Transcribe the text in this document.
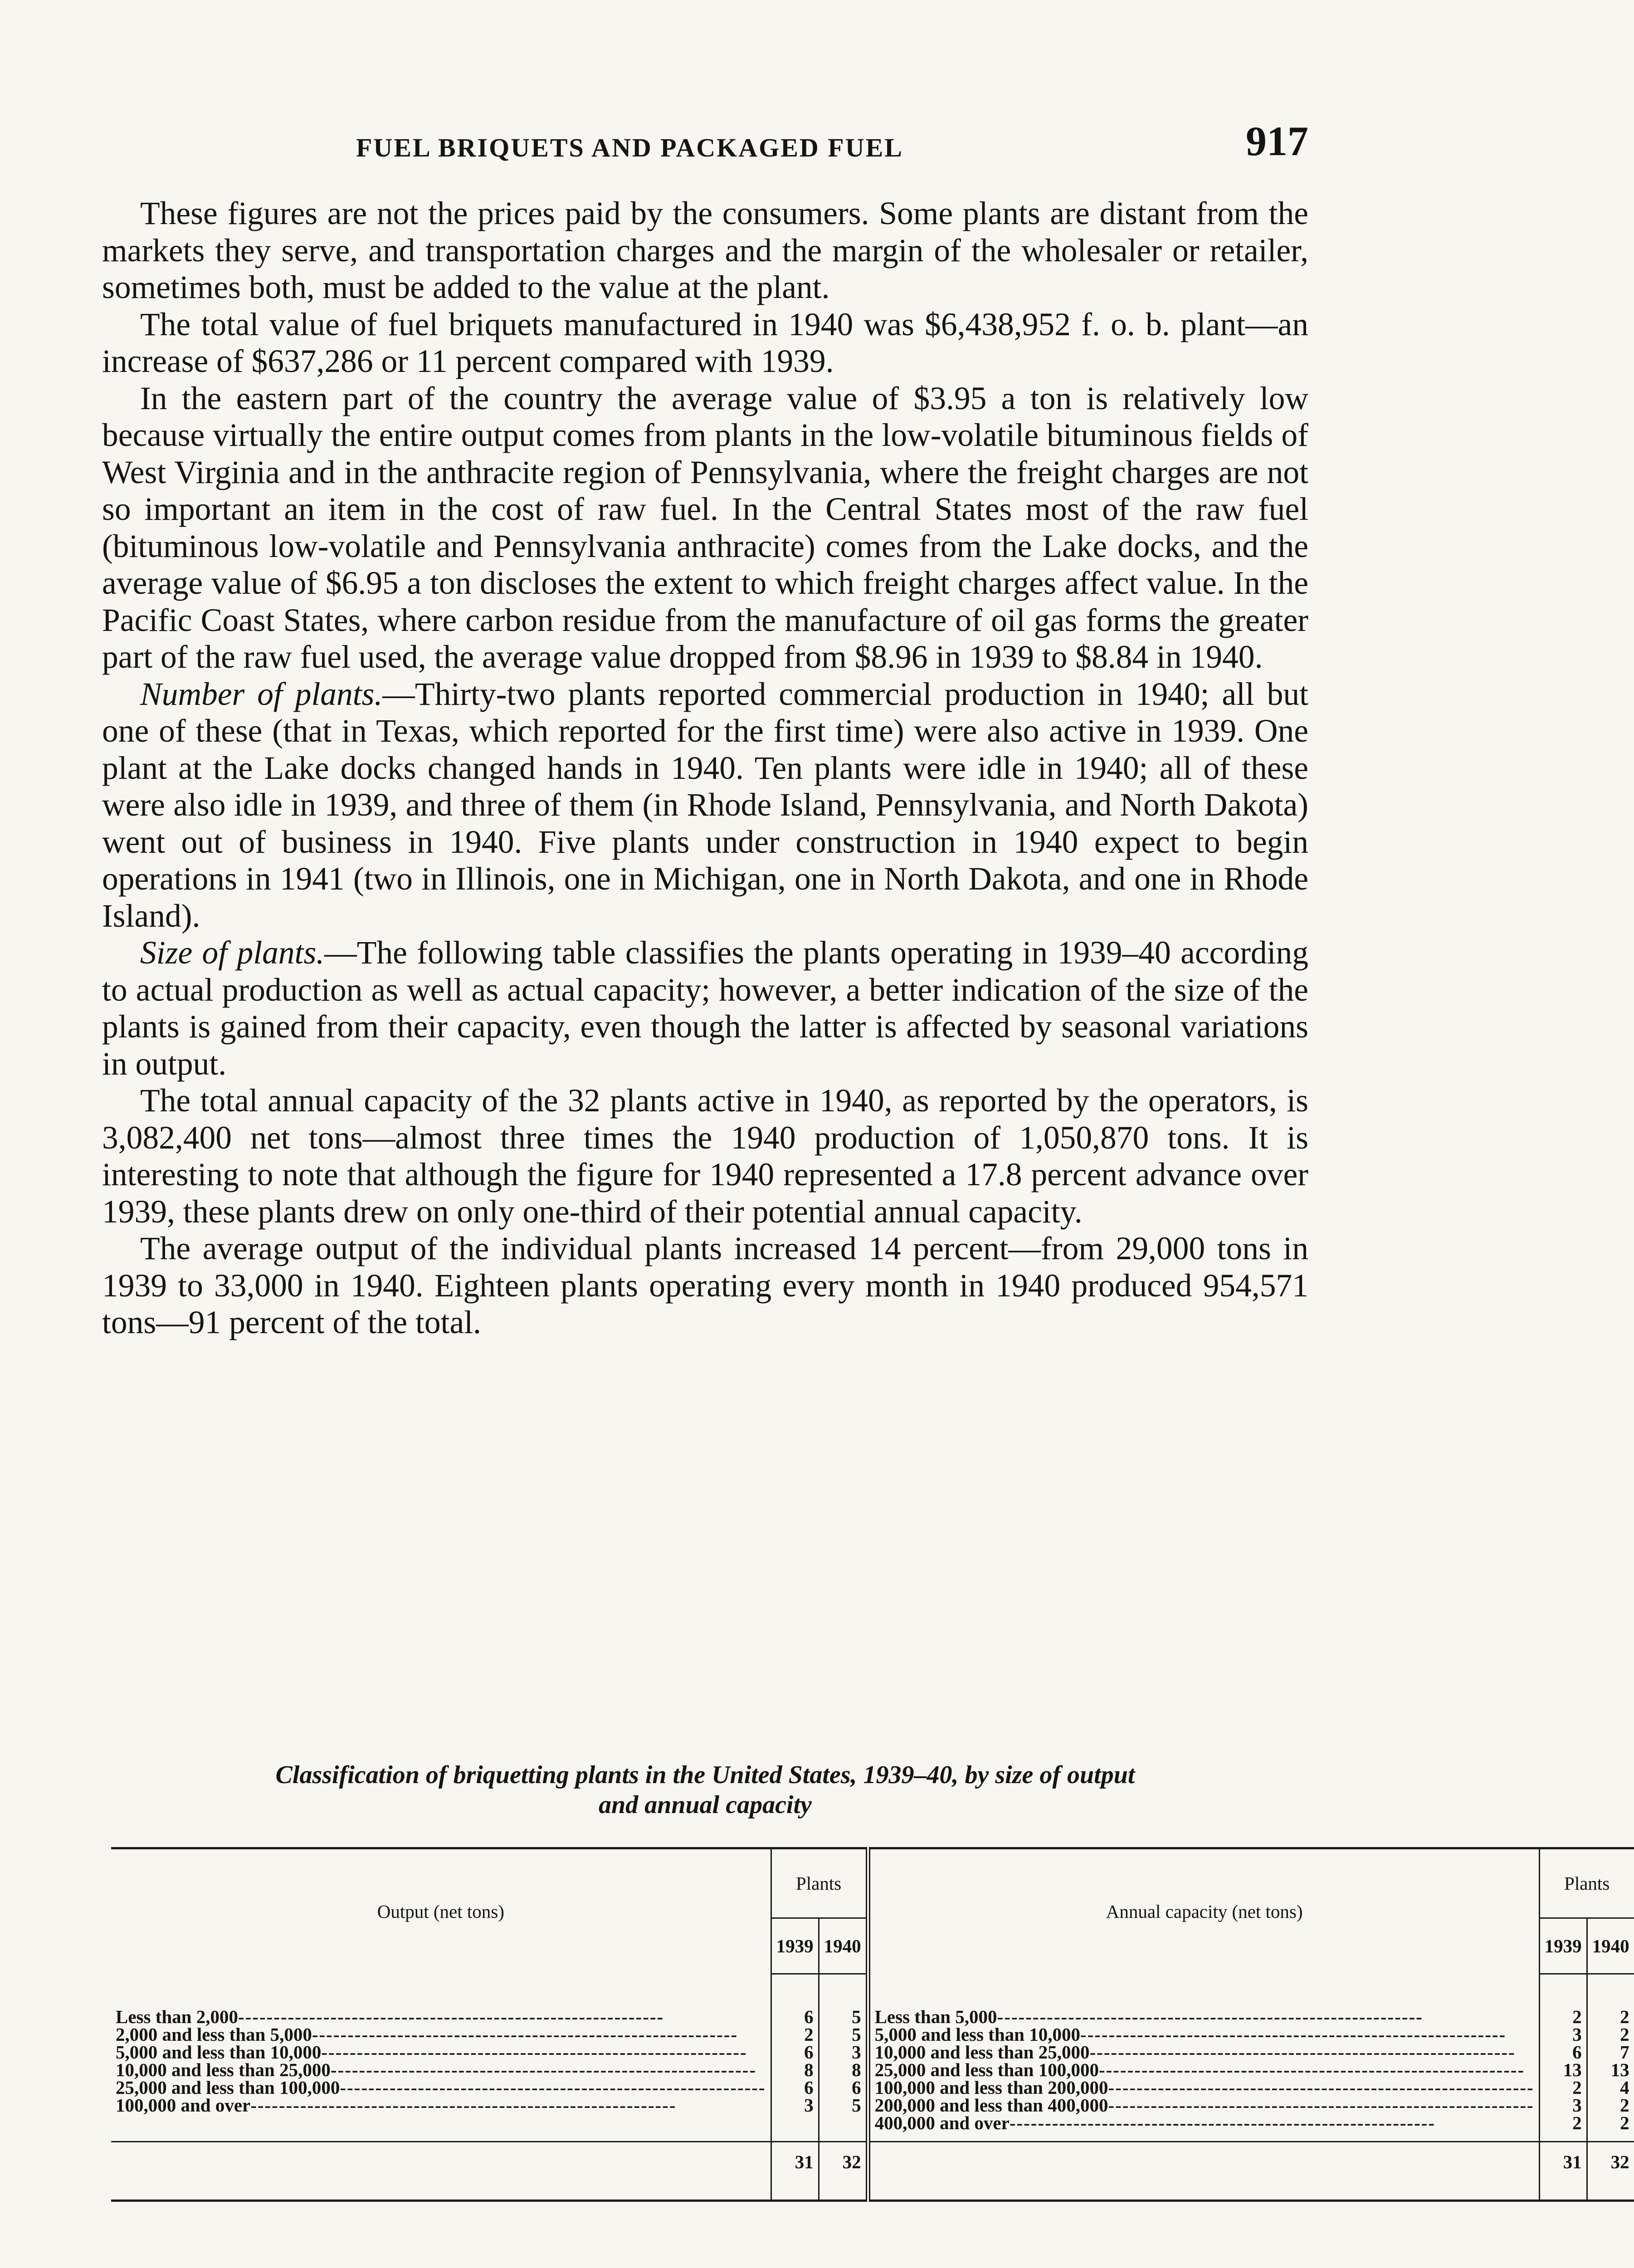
FUEL BRIQUETS AND PACKAGED FUEL	917

These figures are not the prices paid by the consumers. Some plants are distant from the markets they serve, and transportation charges and the margin of the wholesaler or retailer, sometimes both, must be added to the value at the plant.

The total value of fuel briquets manufactured in 1940 was $6,438,952 f. o. b. plant—an increase of $637,286 or 11 percent compared with 1939.

In the eastern part of the country the average value of $3.95 a ton is relatively low because virtually the entire output comes from plants in the low-volatile bituminous fields of West Virginia and in the anthracite region of Pennsylvania, where the freight charges are not so important an item in the cost of raw fuel. In the Central States most of the raw fuel (bituminous low-volatile and Pennsylvania anthracite) comes from the Lake docks, and the average value of $6.95 a ton discloses the extent to which freight charges affect value. In the Pacific Coast States, where carbon residue from the manufacture of oil gas forms the greater part of the raw fuel used, the average value dropped from $8.96 in 1939 to $8.84 in 1940.

Number of plants.—Thirty-two plants reported commercial production in 1940; all but one of these (that in Texas, which reported for the first time) were also active in 1939. One plant at the Lake docks changed hands in 1940. Ten plants were idle in 1940; all of these were also idle in 1939, and three of them (in Rhode Island, Pennsylvania, and North Dakota) went out of business in 1940. Five plants under construction in 1940 expect to begin operations in 1941 (two in Illinois, one in Michigan, one in North Dakota, and one in Rhode Island).

Size of plants.—The following table classifies the plants operating in 1939–40 according to actual production as well as actual capacity; however, a better indication of the size of the plants is gained from their capacity, even though the latter is affected by seasonal variations in output.

The total annual capacity of the 32 plants active in 1940, as reported by the operators, is 3,082,400 net tons—almost three times the 1940 production of 1,050,870 tons. It is interesting to note that although the figure for 1940 represented a 17.8 percent advance over 1939, these plants drew on only one-third of their potential annual capacity.

The average output of the individual plants increased 14 percent—from 29,000 tons in 1939 to 33,000 in 1940. Eighteen plants operating every month in 1940 produced 954,571 tons—91 percent of the total.

Classification of briquetting plants in the United States, 1939–40, by size of output
and annual capacity
Output (net tons)	Plants		Annual capacity (net tons)	Plants	
	1939	1940		1939	1940

Less than 2,000------------------------------------------------------------	6	5	Less than 5,000------------------------------------------------------------	2	2
2,000 and less than 5,000------------------------------------------------------------	2	5	5,000 and less than 10,000------------------------------------------------------------	3	2
5,000 and less than 10,000------------------------------------------------------------	6	3	10,000 and less than 25,000------------------------------------------------------------	6	7
10,000 and less than 25,000------------------------------------------------------------	8	8	25,000 and less than 100,000------------------------------------------------------------	13	13
25,000 and less than 100,000------------------------------------------------------------	6	6	100,000 and less than 200,000------------------------------------------------------------	2	4
100,000 and over------------------------------------------------------------	3	5	200,000 and less than 400,000------------------------------------------------------------	3	2
			400,000 and over------------------------------------------------------------	2	2

	31	32		31	32
